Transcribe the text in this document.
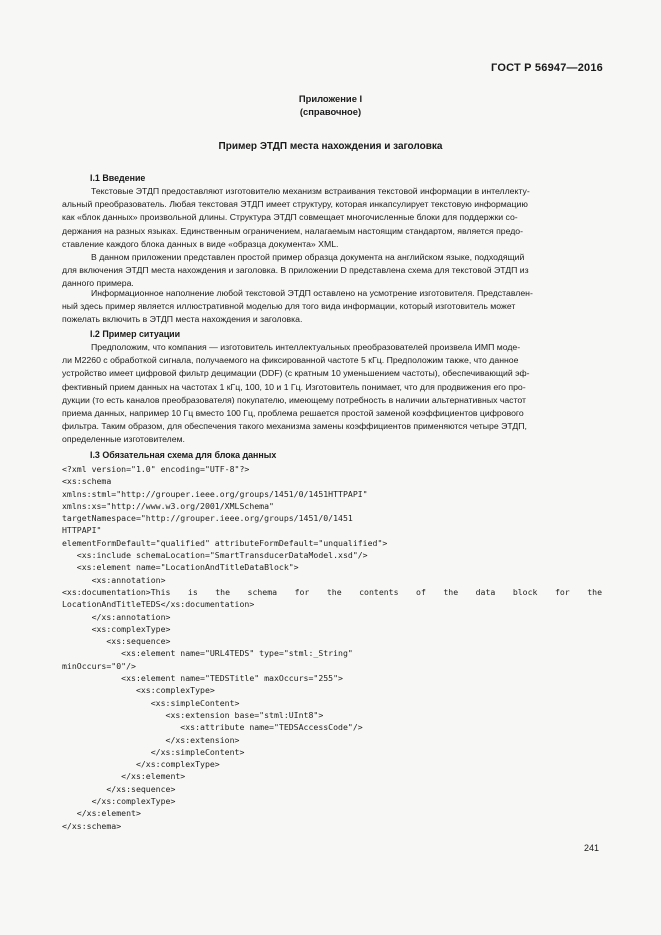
ГОСТ Р 56947—2016
Приложение I
(справочное)
Пример ЭТДП места нахождения и заголовка
I.1 Введение
Текстовые ЭТДП предоставляют изготовителю механизм встраивания текстовой информации в интеллекту-
альный преобразователь. Любая текстовая ЭТДП имеет структуру, которая инкапсулирует текстовую информацию
как «блок данных» произвольной длины. Структура ЭТДП совмещает многочисленные блоки для поддержки со-
держания на разных языках. Единственным ограничением, налагаемым настоящим стандартом, является предо-
ставление каждого блока данных в виде «образца документа» XML.
В данном приложении представлен простой пример образца документа на английском языке, подходящий
для включения ЭТДП места нахождения и заголовка. В приложении D представлена схема для текстовой ЭТДП из
данного примера.
Информационное наполнение любой текстовой ЭТДП оставлено на усмотрение изготовителя. Представлен-
ный здесь пример является иллюстративной моделью для того вида информации, который изготовитель может
пожелать включить в ЭТДП места нахождения и заголовка.
I.2 Пример ситуации
Предположим, что компания — изготовитель интеллектуальных преобразователей произвела ИМП моде-
ли M2260 с обработкой сигнала, получаемого на фиксированной частоте 5 кГц. Предположим также, что данное
устройство имеет цифровой фильтр децимации (DDF) (с кратным 10 уменьшением частоты), обеспечивающий эф-
фективный прием данных на частотах 1 кГц, 100, 10 и 1 Гц. Изготовитель понимает, что для продвижения его про-
дукции (то есть каналов преобразователя) покупателю, имеющему потребность в наличии альтернативных частот
приема данных, например 10 Гц вместо 100 Гц, проблема решается простой заменой коэффициентов цифрового
фильтра. Таким образом, для обеспечения такого механизма замены коэффициентов применяются четыре ЭТДП,
определенные изготовителем.
I.3 Обязательная схема для блока данных
<?xml version="1.0" encoding="UTF-8"?>
<xs:schema
xmlns:stml="http://grouper.ieee.org/groups/1451/0/1451HTTPAPI"
xmlns:xs="http://www.w3.org/2001/XMLSchema"
targetNamespace="http://grouper.ieee.org/groups/1451/0/1451
HTTPAPI"
elementFormDefault="qualified" attributeFormDefault="unqualified">
<xs:include schemaLocation="SmartTransducerDataModel.xsd"/>
<xs:element name="LocationAndTitleDataBlock">
<xs:annotation>
<xs:documentation>This is the schema for the contents of the data block for the
LocationAndTitleTEDS</xs:documentation>
</xs:annotation>
<xs:complexType>
<xs:sequence>
<xs:element name="URL4TEDS" type="stml:_String"
minOccurs="0"/>
<xs:element name="TEDSTitle" maxOccurs="255">
<xs:complexType>
<xs:simpleContent>
<xs:extension base="stml:UInt8">
<xs:attribute name="TEDSAccessCode"/>
</xs:extension>
</xs:simpleContent>
</xs:complexType>
</xs:element>
</xs:sequence>
</xs:complexType>
</xs:element>
</xs:schema>
241
